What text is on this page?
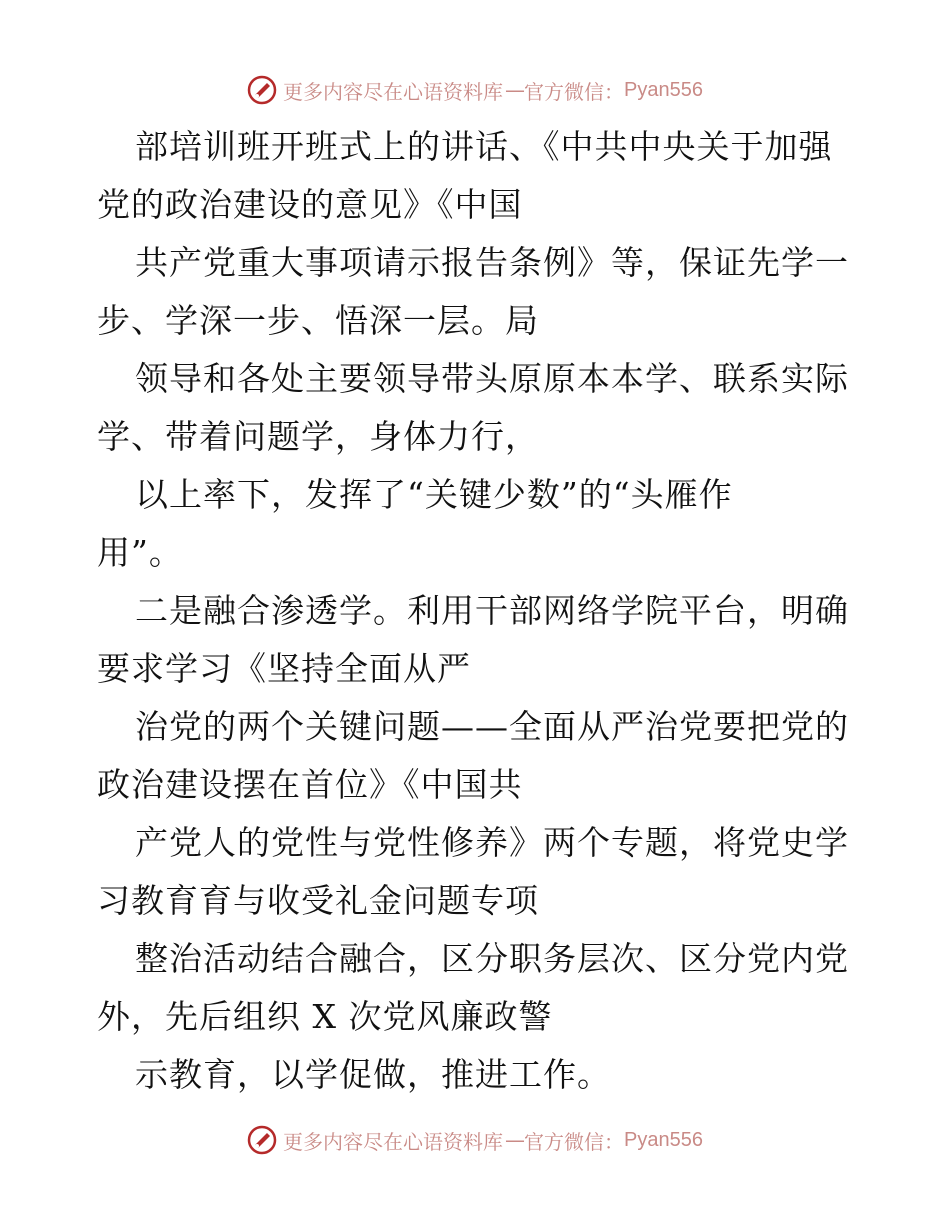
更多内容尽在心语资料库 — 官方微信： Pyan556
部培训班开班式上的讲话、《中共中央关于加强
党的政治建设的意见》《中国
共产党重大事项请示报告条例》等，保证先学一
步、学深一步、悟深一层。局
领导和各处主要领导带头原原本本学、联系实际
学、带着问题学，身体力行，
以上率下，发挥了“关键少数”的“头雁作
用”。
二是融合渗透学。利用干部网络学院平台，明确
要求学习《坚持全面从严
治党的两个关键问题——全面从严治党要把党的
政治建设摆在首位》《中国共
产党人的党性与党性修养》两个专题，将党史学
习教育育与收受礼金问题专项
整治活动结合融合，区分职务层次、区分党内党
外，先后组织 X 次党风廉政警
示教育，以学促做，推进工作。
更多内容尽在心语资料库 — 官方微信： Pyan556
